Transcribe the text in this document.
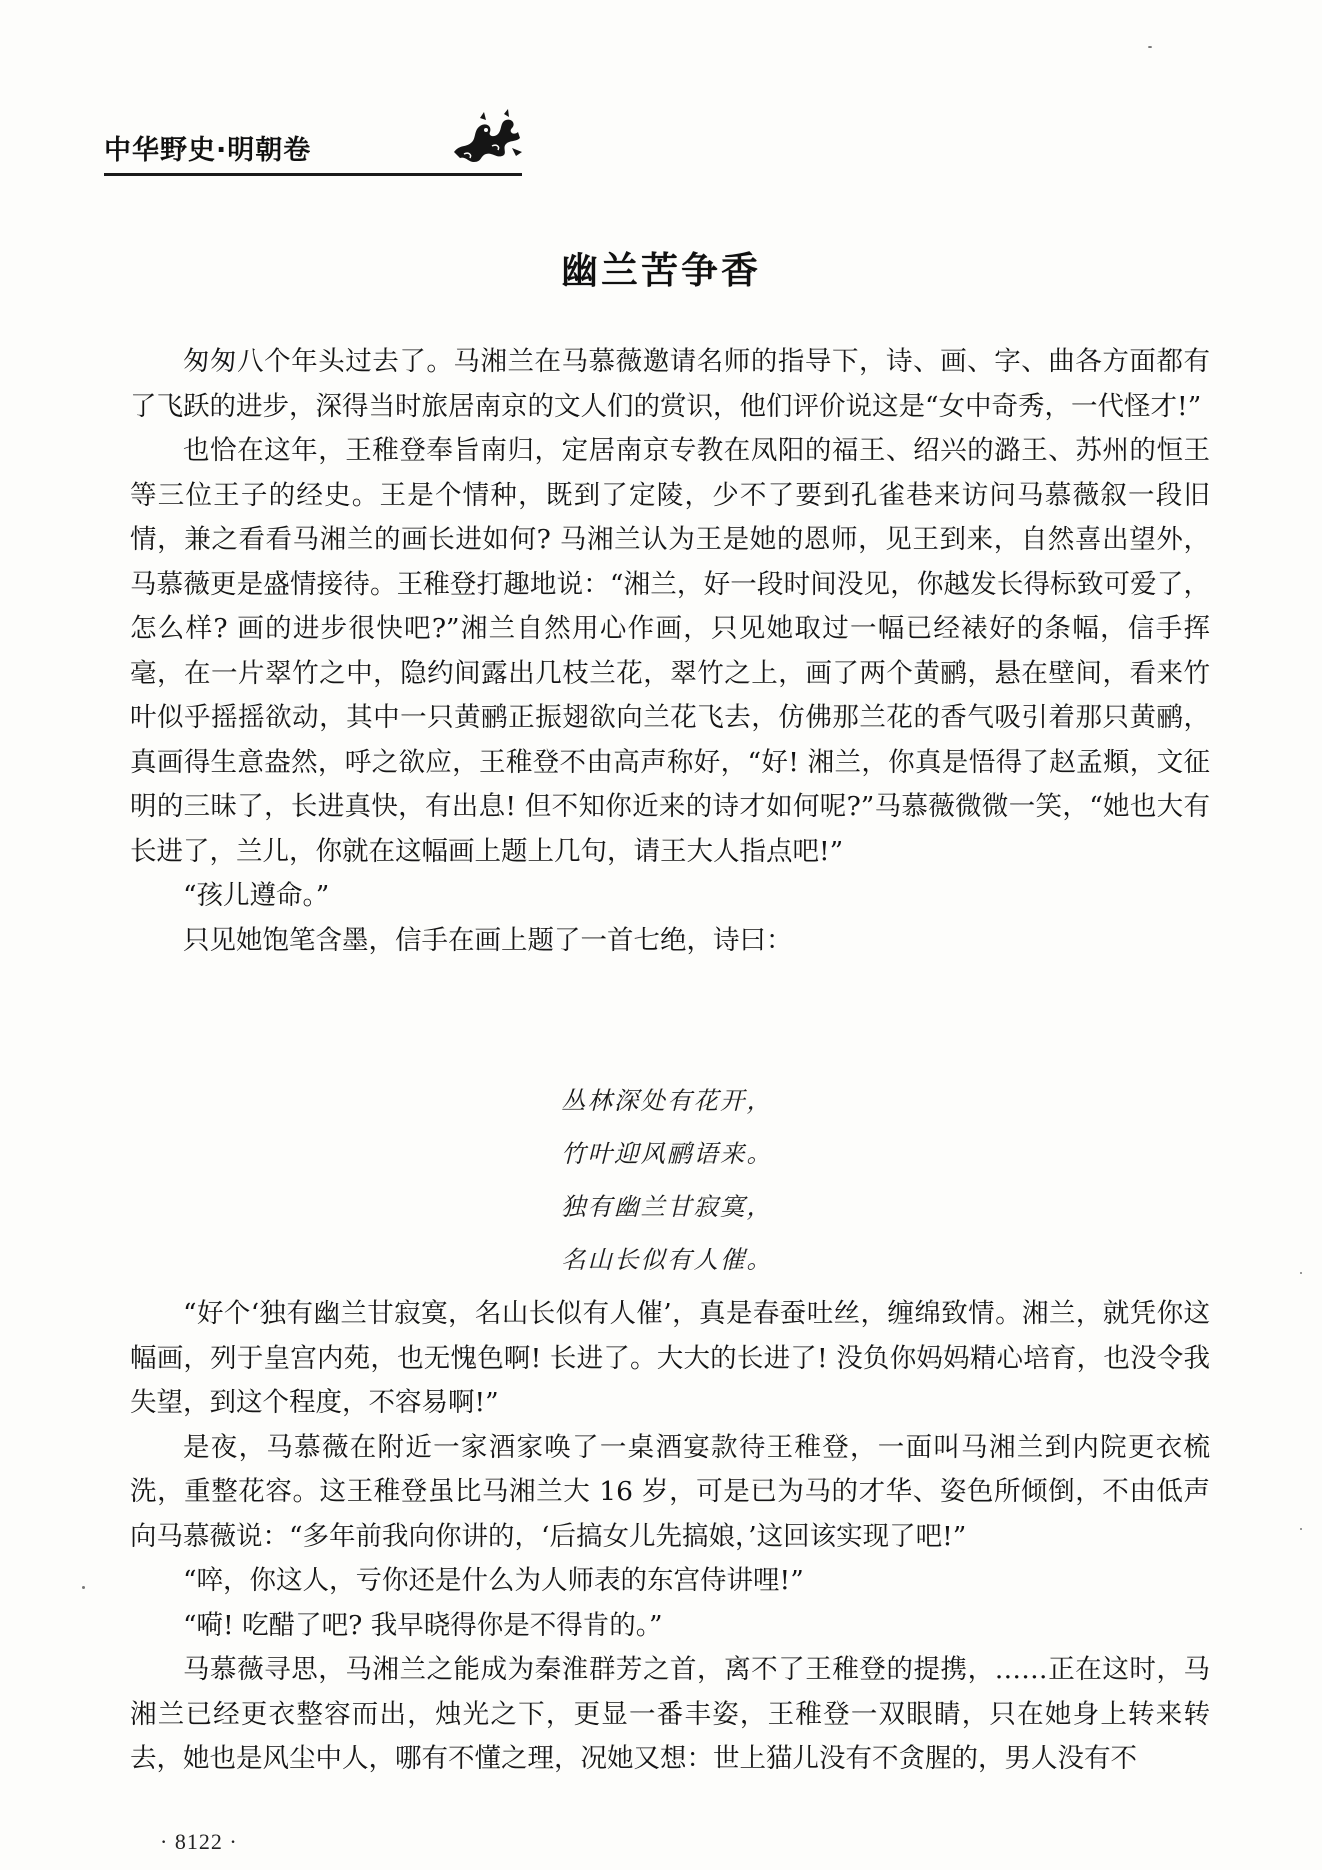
中华野史·明朝卷
幽兰苦争香

匆匆八个年头过去了。马湘兰在马慕薇邀请名师的指导下，诗、画、字、曲各方面都有了飞跃的进步，深得当时旅居南京的文人们的赏识，他们评价说这是“女中奇秀，一代怪才!”

也恰在这年，王稚登奉旨南归，定居南京专教在凤阳的福王、绍兴的潞王、苏州的恒王等三位王子的经史。王是个情种，既到了定陵，少不了要到孔雀巷来访问马慕薇叙一段旧情，兼之看看马湘兰的画长进如何? 马湘兰认为王是她的恩师，见王到来，自然喜出望外，马慕薇更是盛情接待。王稚登打趣地说：“湘兰，好一段时间没见，你越发长得标致可爱了，怎么样? 画的进步很快吧?”湘兰自然用心作画，只见她取过一幅已经裱好的条幅，信手挥毫，在一片翠竹之中，隐约间露出几枝兰花，翠竹之上，画了两个黄鹂，悬在壁间，看来竹叶似乎摇摇欲动，其中一只黄鹂正振翅欲向兰花飞去，仿佛那兰花的香气吸引着那只黄鹂，真画得生意盎然，呼之欲应，王稚登不由高声称好，“好! 湘兰，你真是悟得了赵孟頫，文征明的三昧了，长进真快，有出息! 但不知你近来的诗才如何呢?”马慕薇微微一笑，“她也大有长进了，兰儿，你就在这幅画上题上几句，请王大人指点吧!”

“孩儿遵命。”

只见她饱笔含墨，信手在画上题了一首七绝，诗曰：

丛林深处有花开，
竹叶迎风鹂语来。
独有幽兰甘寂寞，
名山长似有人催。

“好个‘独有幽兰甘寂寞，名山长似有人催’，真是春蚕吐丝，缠绵致情。湘兰，就凭你这幅画，列于皇宫内苑，也无愧色啊! 长进了。大大的长进了! 没负你妈妈精心培育，也没令我失望，到这个程度，不容易啊!”

是夜，马慕薇在附近一家酒家唤了一桌酒宴款待王稚登，一面叫马湘兰到内院更衣梳洗，重整花容。这王稚登虽比马湘兰大 16 岁，可是已为马的才华、姿色所倾倒，不由低声向马慕薇说：“多年前我向你讲的，‘后搞女儿先搞娘，’这回该实现了吧!”

“啐，你这人，亏你还是什么为人师表的东宫侍讲哩!”

“嗬! 吃醋了吧? 我早晓得你是不得肯的。”

马慕薇寻思，马湘兰之能成为秦淮群芳之首，离不了王稚登的提携，……正在这时，马湘兰已经更衣整容而出，烛光之下，更显一番丰姿，王稚登一双眼睛，只在她身上转来转去，她也是风尘中人，哪有不懂之理，况她又想：世上猫儿没有不贪腥的，男人没有不

· 8122 ·
